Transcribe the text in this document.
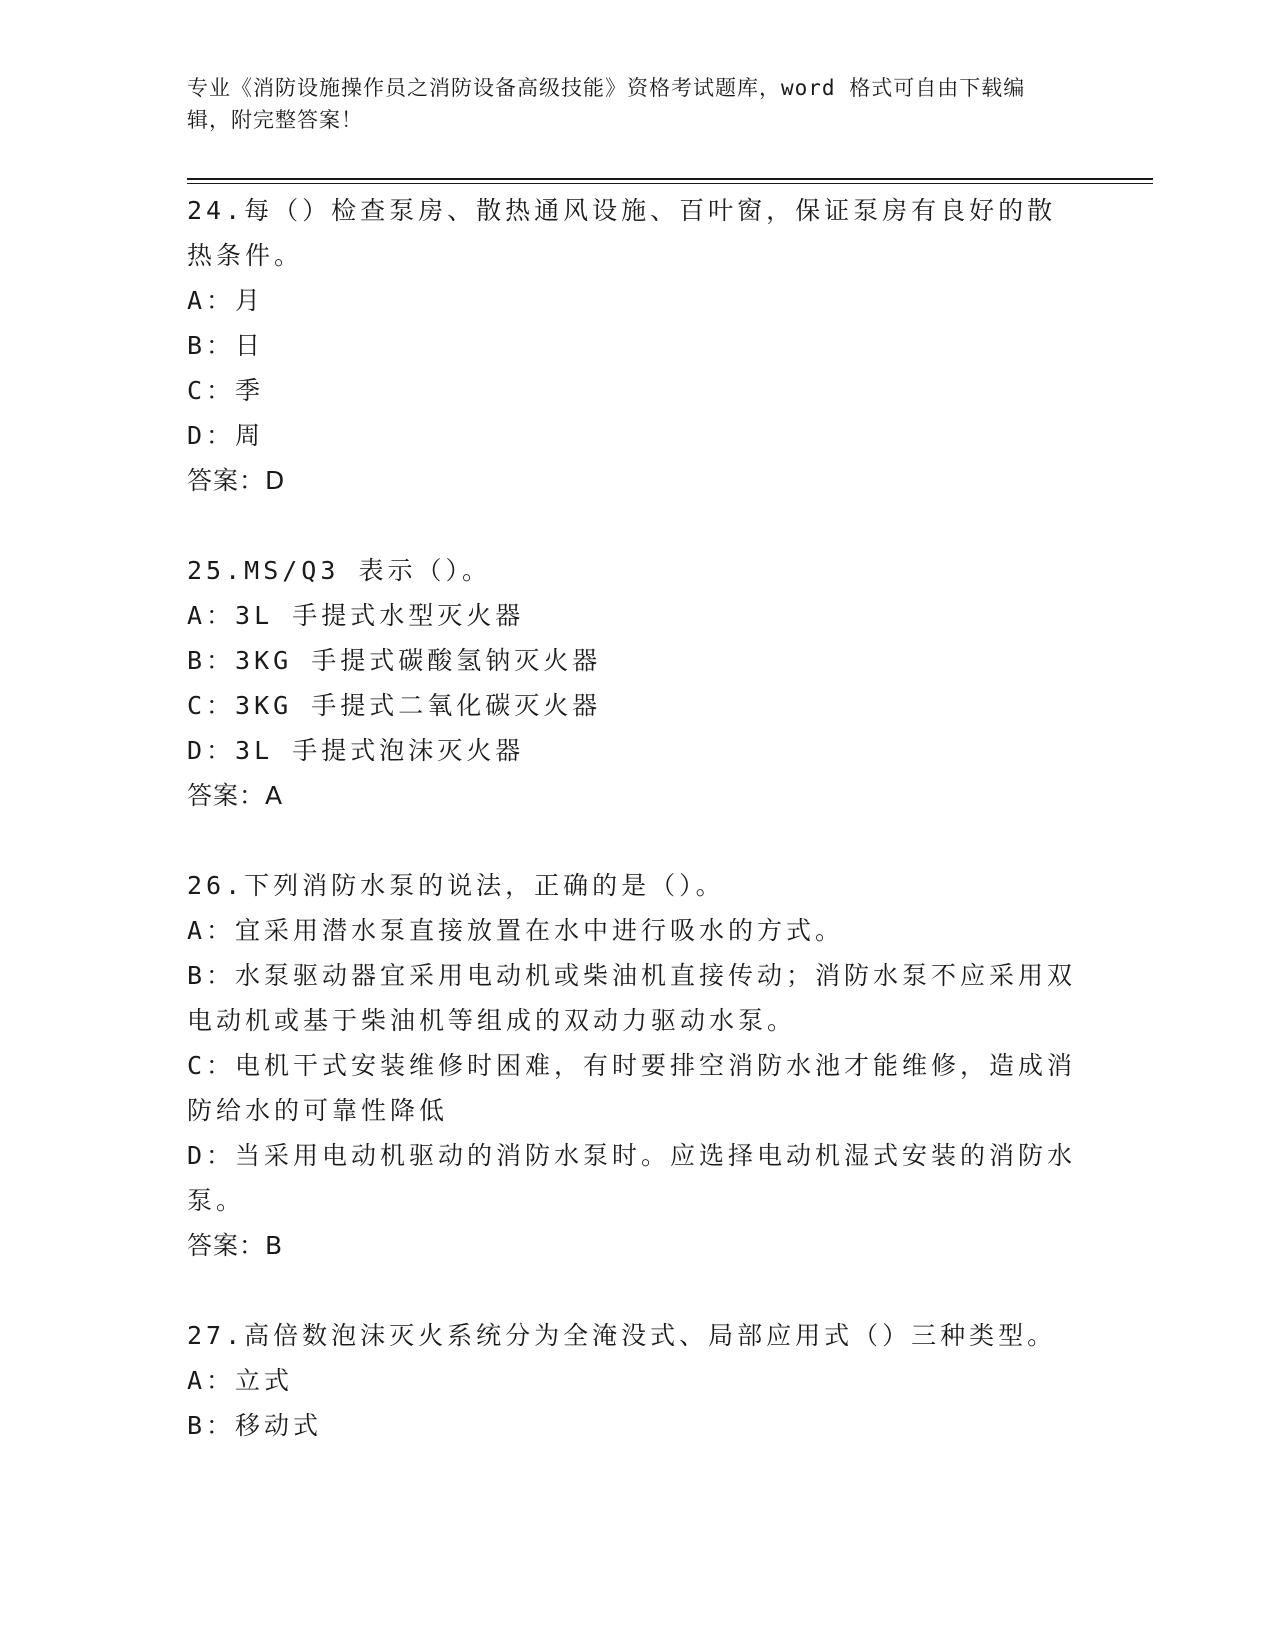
专业《消防设施操作员之消防设备高级技能》资格考试题库，word 格式可自由下载编辑，附完整答案！

24.每（）检查泵房、散热通风设施、百叶窗，保证泵房有良好的散热条件。

A：月

B：日

C：季

D：周

答案：D

25.MS/Q3 表示（）。

A：3L 手提式水型灭火器

B：3KG 手提式碳酸氢钠灭火器

C：3KG 手提式二氧化碳灭火器

D：3L 手提式泡沫灭火器

答案：A

26.下列消防水泵的说法，正确的是（）。

A：宜采用潜水泵直接放置在水中进行吸水的方式。

B：水泵驱动器宜采用电动机或柴油机直接传动；消防水泵不应采用双电动机或基于柴油机等组成的双动力驱动水泵。

C：电机干式安装维修时困难，有时要排空消防水池才能维修，造成消防给水的可靠性降低

D：当采用电动机驱动的消防水泵时。应选择电动机湿式安装的消防水泵。

答案：B

27.高倍数泡沫灭火系统分为全淹没式、局部应用式（）三种类型。

A：立式

B：移动式
